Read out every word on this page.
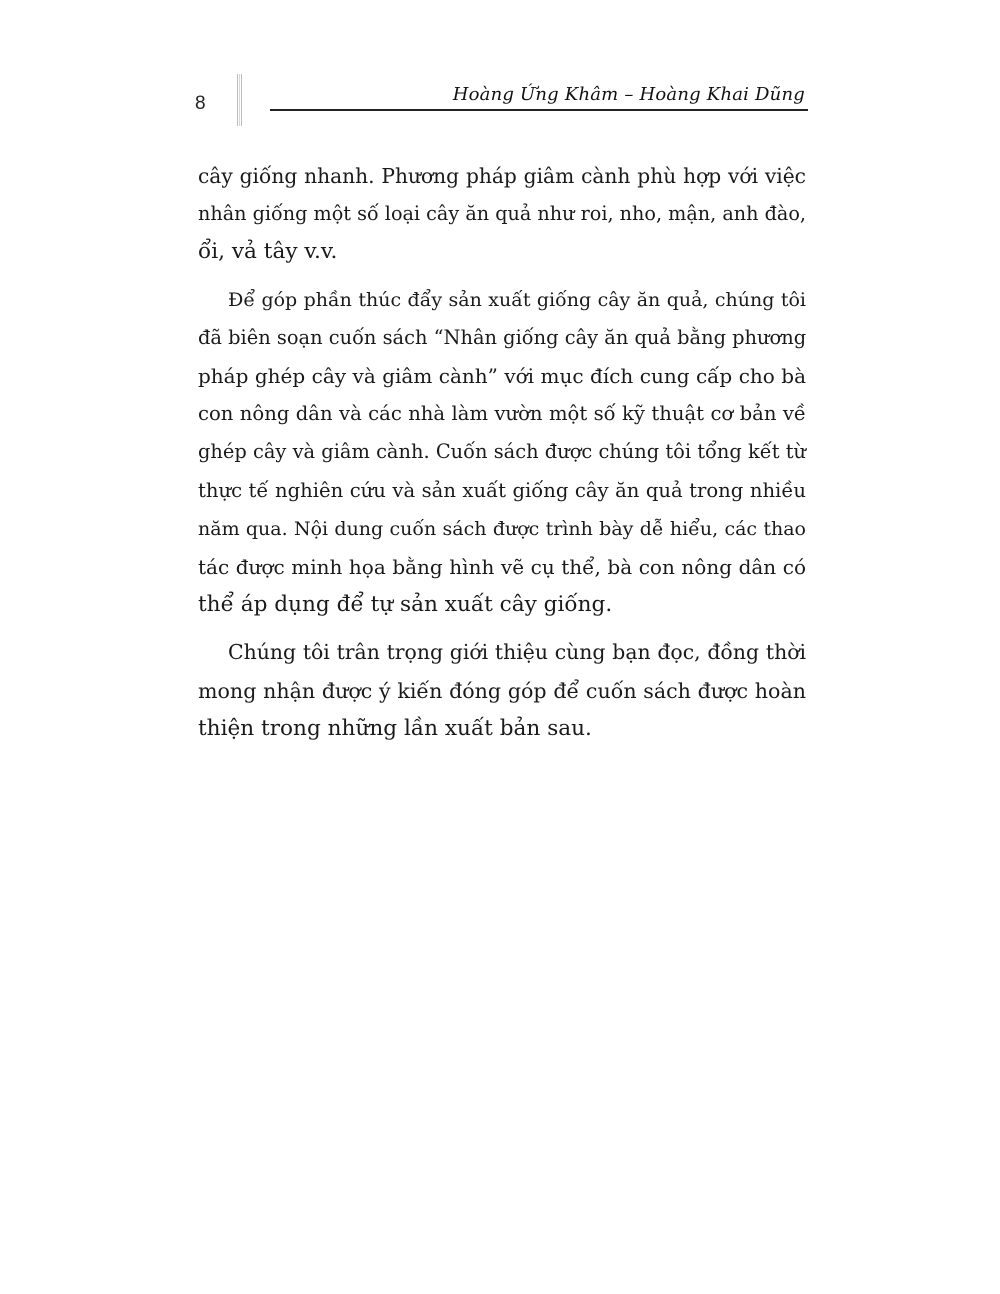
8	Hoàng Ứng Khâm – Hoàng Khai Dũng

cây giống nhanh. Phương pháp giâm cành phù hợp với việc
nhân giống một số loại cây ăn quả như roi, nho, mận, anh đào,
ổi, vả tây v.v.

Để góp phần thúc đẩy sản xuất giống cây ăn quả, chúng tôi
đã biên soạn cuốn sách “Nhân giống cây ăn quả bằng phương
pháp ghép cây và giâm cành” với mục đích cung cấp cho bà
con nông dân và các nhà làm vườn một số kỹ thuật cơ bản về
ghép cây và giâm cành. Cuốn sách được chúng tôi tổng kết từ
thực tế nghiên cứu và sản xuất giống cây ăn quả trong nhiều
năm qua. Nội dung cuốn sách được trình bày dễ hiểu, các thao
tác được minh họa bằng hình vẽ cụ thể, bà con nông dân có
thể áp dụng để tự sản xuất cây giống.

Chúng tôi trân trọng giới thiệu cùng bạn đọc, đồng thời
mong nhận được ý kiến đóng góp để cuốn sách được hoàn
thiện trong những lần xuất bản sau.
